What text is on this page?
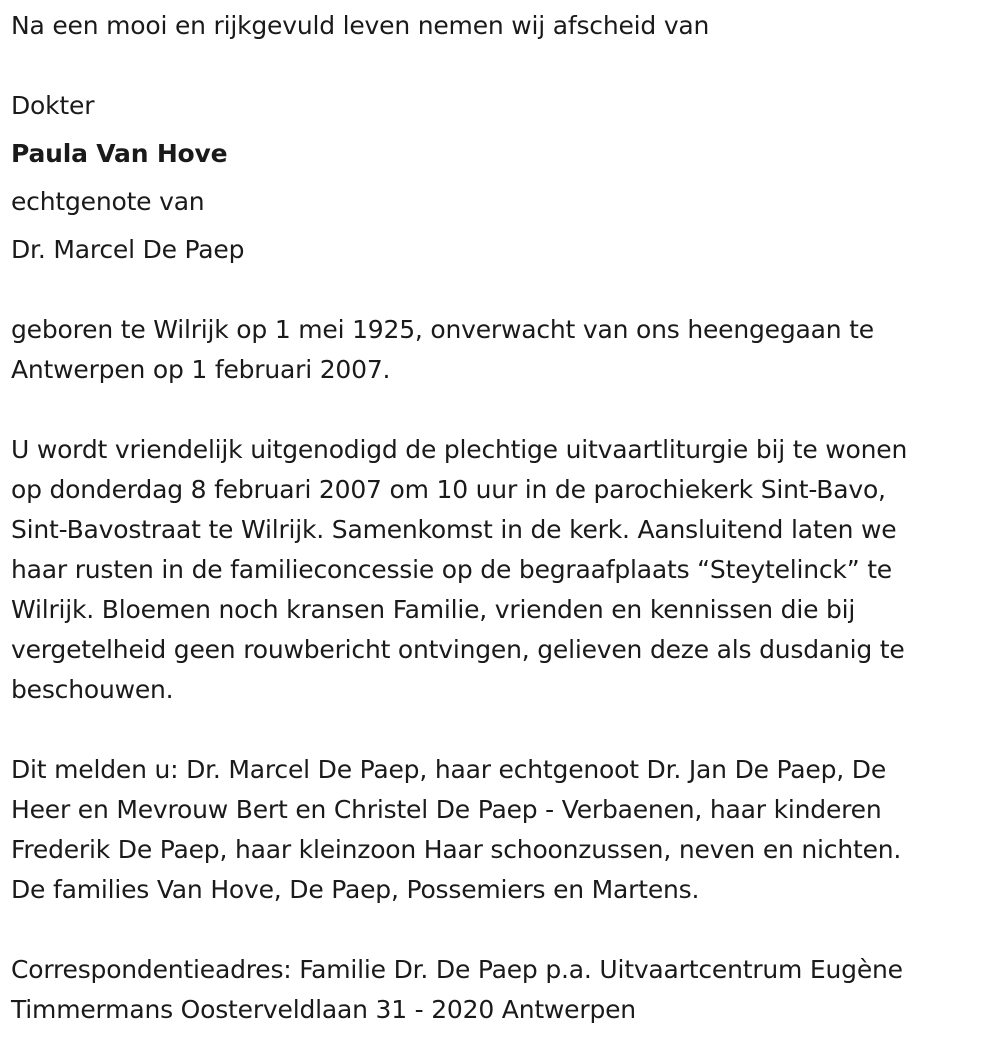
Na een mooi en rijkgevuld leven nemen wij afscheid van

Dokter

Paula Van Hove

echtgenote van

Dr. Marcel De Paep

geboren te Wilrijk op 1 mei 1925, onverwacht van ons heengegaan te

Antwerpen op 1 februari 2007.

U wordt vriendelijk uitgenodigd de plechtige uitvaartliturgie bij te wonen

op donderdag 8 februari 2007 om 10 uur in de parochiekerk Sint-Bavo,

Sint-Bavostraat te Wilrijk. Samenkomst in de kerk. Aansluitend laten we

haar rusten in de familieconcessie op de begraafplaats “Steytelinck” te

Wilrijk. Bloemen noch kransen Familie, vrienden en kennissen die bij

vergetelheid geen rouwbericht ontvingen, gelieven deze als dusdanig te

beschouwen.

Dit melden u: Dr. Marcel De Paep, haar echtgenoot Dr. Jan De Paep, De

Heer en Mevrouw Bert en Christel De Paep - Verbaenen, haar kinderen

Frederik De Paep, haar kleinzoon Haar schoonzussen, neven en nichten.

De families Van Hove, De Paep, Possemiers en Martens.

Correspondentieadres: Familie Dr. De Paep p.a. Uitvaartcentrum Eugène

Timmermans Oosterveldlaan 31 - 2020 Antwerpen
